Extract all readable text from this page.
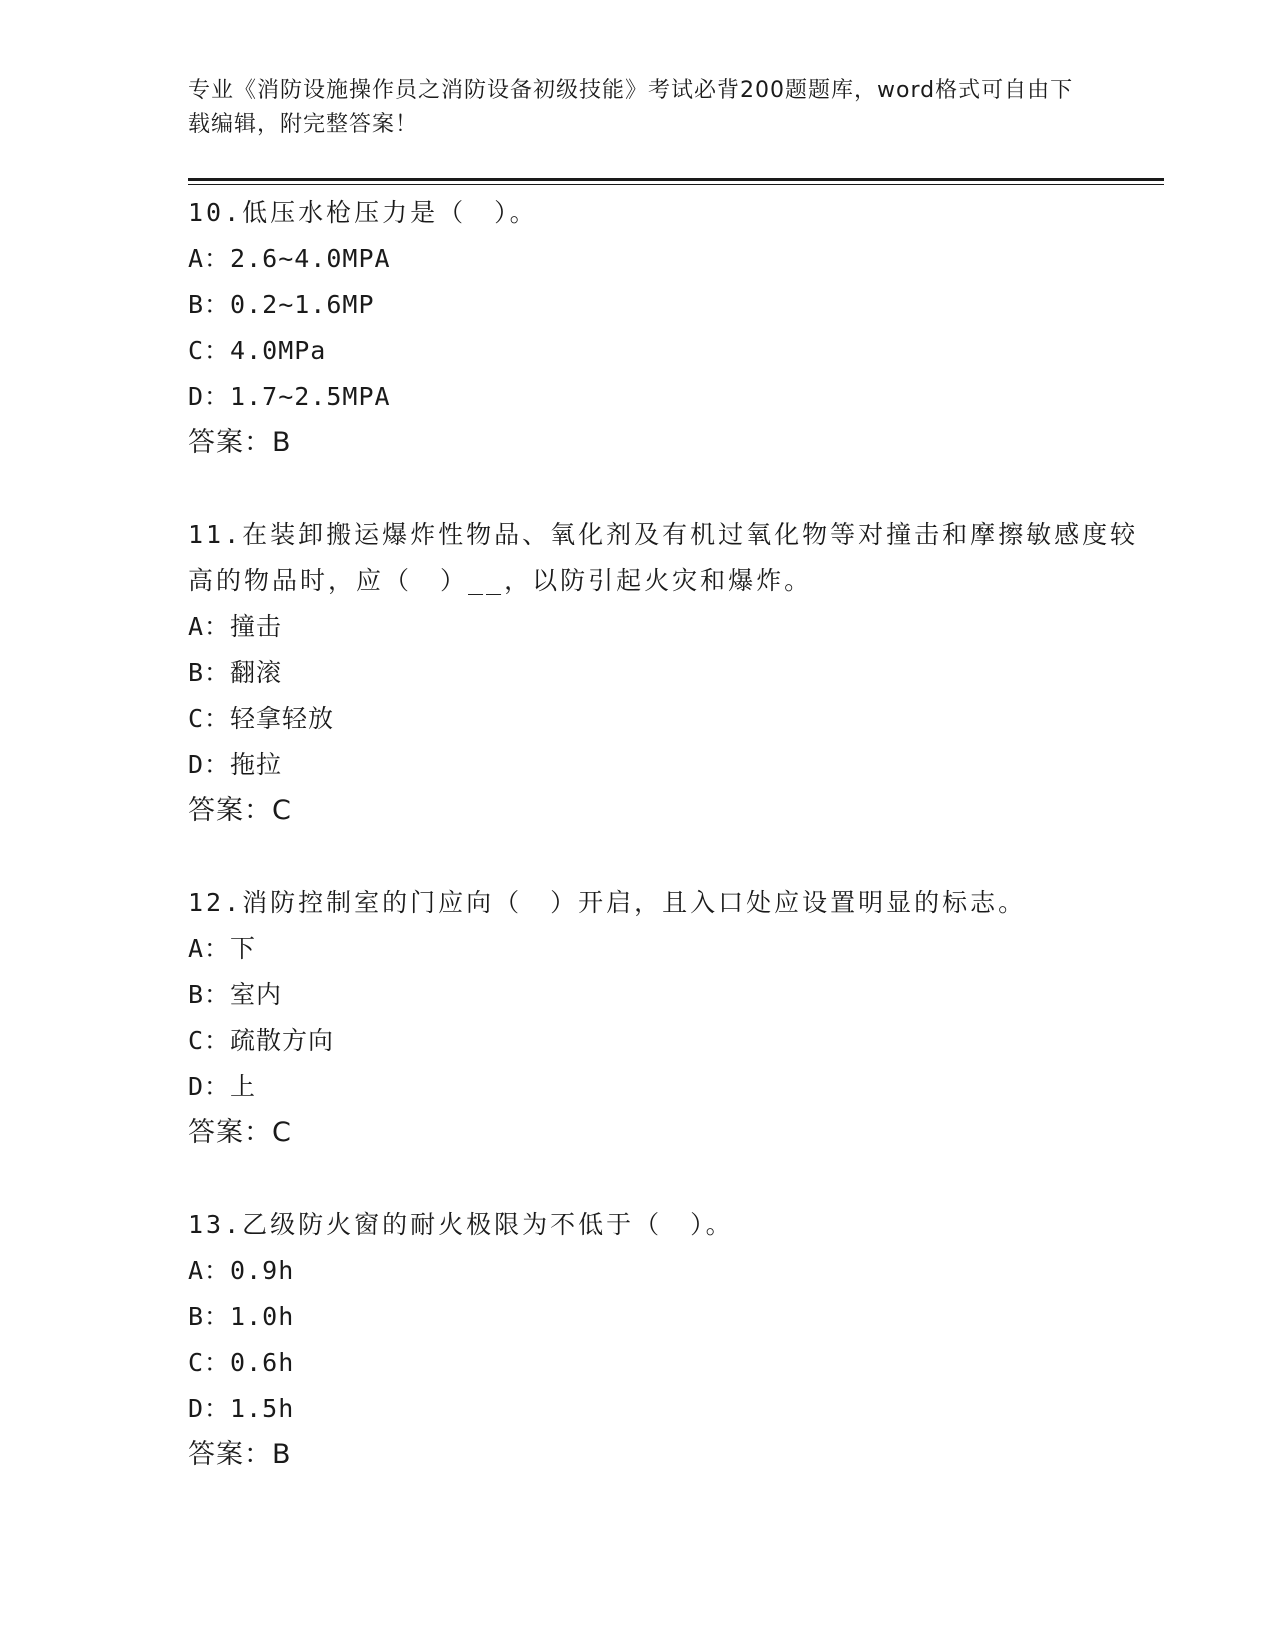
专业《消防设施操作员之消防设备初级技能》考试必背200题题库，word格式可自由下载编辑，附完整答案！
10.低压水枪压力是（　）。
A：2.6~4.0MPA
B：0.2~1.6MP
C：4.0MPa
D：1.7~2.5MPA
答案：B
11.在装卸搬运爆炸性物品、氧化剂及有机过氧化物等对撞击和摩擦敏感度较高的物品时，应（　）__，以防引起火灾和爆炸。
A：撞击
B：翻滚
C：轻拿轻放
D：拖拉
答案：C
12.消防控制室的门应向（　）开启，且入口处应设置明显的标志。
A：下
B：室内
C：疏散方向
D：上
答案：C
13.乙级防火窗的耐火极限为不低于（　）。
A：0.9h
B：1.0h
C：0.6h
D：1.5h
答案：B
